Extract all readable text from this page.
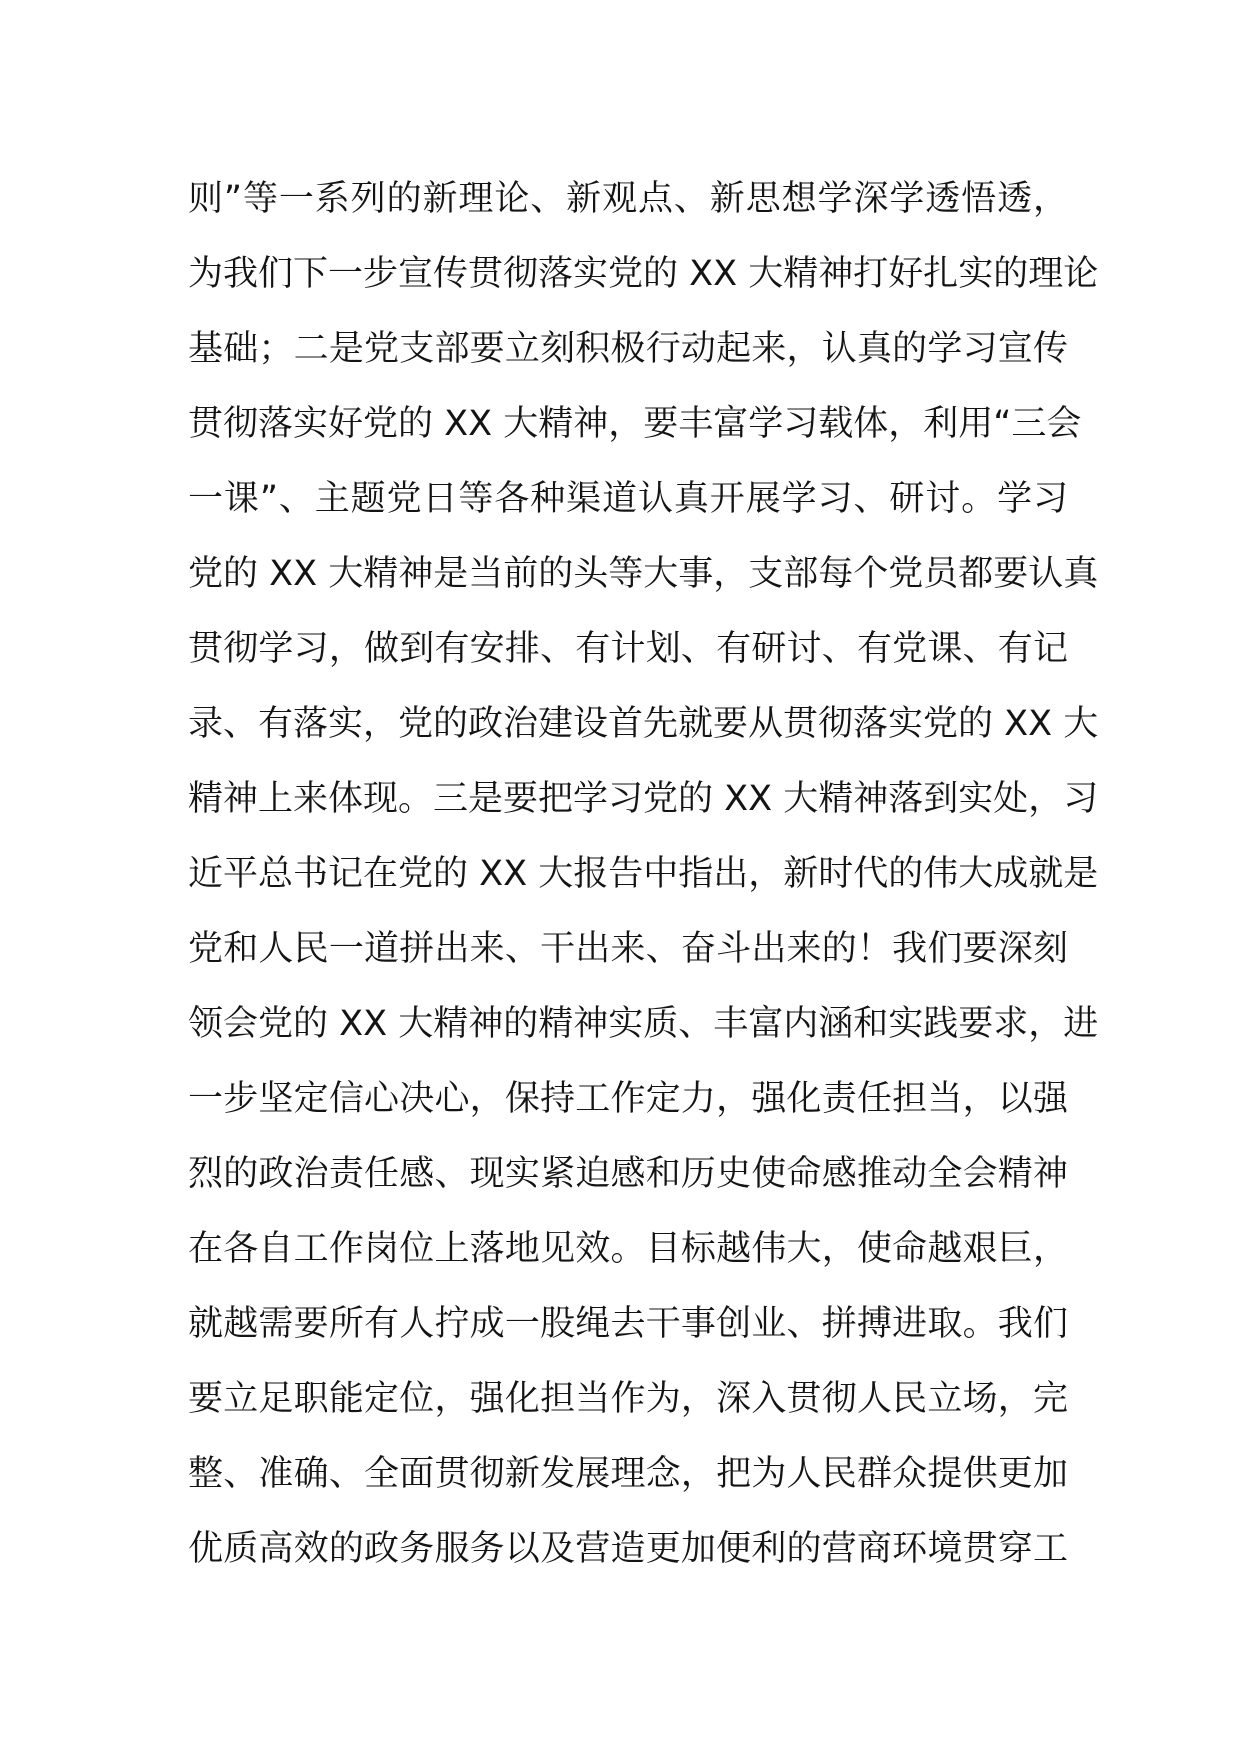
则”等一系列的新理论、新观点、新思想学深学透悟透，
为我们下一步宣传贯彻落实党的 XX 大精神打好扎实的理论
基础；二是党支部要立刻积极行动起来，认真的学习宣传
贯彻落实好党的 XX 大精神，要丰富学习载体，利用“三会
一课”、主题党日等各种渠道认真开展学习、研讨。学习
党的 XX 大精神是当前的头等大事，支部每个党员都要认真
贯彻学习，做到有安排、有计划、有研讨、有党课、有记
录、有落实，党的政治建设首先就要从贯彻落实党的 XX 大
精神上来体现。三是要把学习党的 XX 大精神落到实处，习
近平总书记在党的 XX 大报告中指出，新时代的伟大成就是
党和人民一道拼出来、干出来、奋斗出来的！我们要深刻
领会党的 XX 大精神的精神实质、丰富内涵和实践要求，进
一步坚定信心决心，保持工作定力，强化责任担当，以强
烈的政治责任感、现实紧迫感和历史使命感推动全会精神
在各自工作岗位上落地见效。目标越伟大，使命越艰巨，
就越需要所有人拧成一股绳去干事创业、拼搏进取。我们
要立足职能定位，强化担当作为，深入贯彻人民立场，完
整、准确、全面贯彻新发展理念，把为人民群众提供更加
优质高效的政务服务以及营造更加便利的营商环境贯穿工
